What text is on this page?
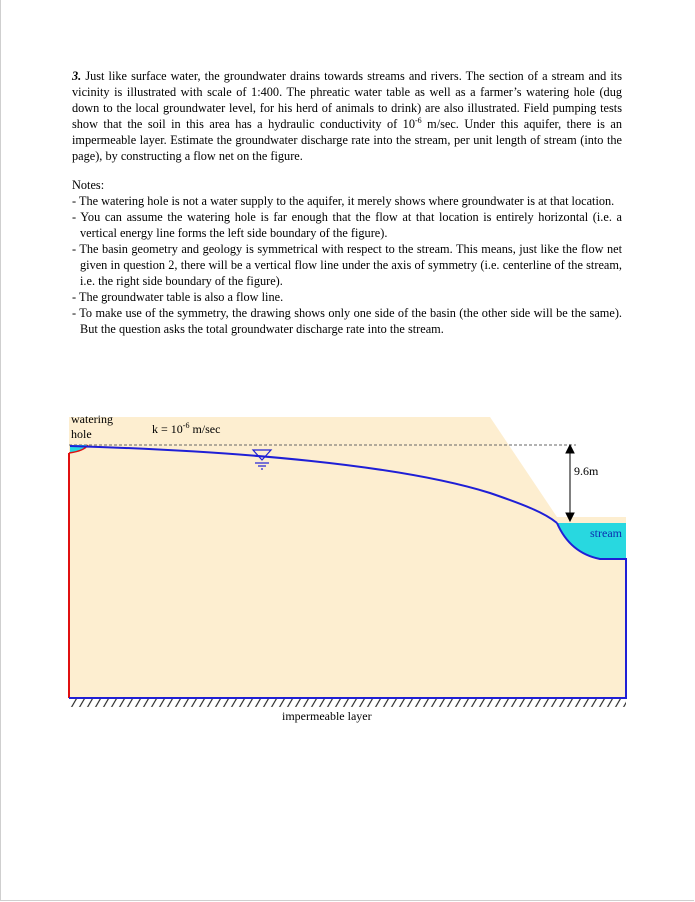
3. Just like surface water, the groundwater drains towards streams and rivers. The section of a stream and its vicinity is illustrated with scale of 1:400. The phreatic water table as well as a farmer’s watering hole (dug down to the local groundwater level, for his herd of animals to drink) are also illustrated. Field pumping tests show that the soil in this area has a hydraulic conductivity of $10^{-6}$ m/sec. Under this aquifer, there is an impermeable layer. Estimate the groundwater discharge rate into the stream, per unit length of stream (into the page), by constructing a flow net on the figure.

Notes:

- The watering hole is not a water supply to the aquifer, it merely shows where groundwater is at that location.
- You can assume the watering hole is far enough that the flow at that location is entirely horizontal (i.e. a vertical energy line forms the left side boundary of the figure).
- The basin geometry and geology is symmetrical with respect to the stream. This means, just like the flow net given in question 2, there will be a vertical flow line under the axis of symmetry (i.e. centerline of the stream, i.e. the right side boundary of the figure).
- The groundwater table is also a flow line.
- To make use of the symmetry, the drawing shows only one side of the basin (the other side will be the same). But the question asks the total groundwater discharge rate into the stream.
watering hole	$k = 10^{-6}$ m/sec
9.6m
stream
impermeable layer
